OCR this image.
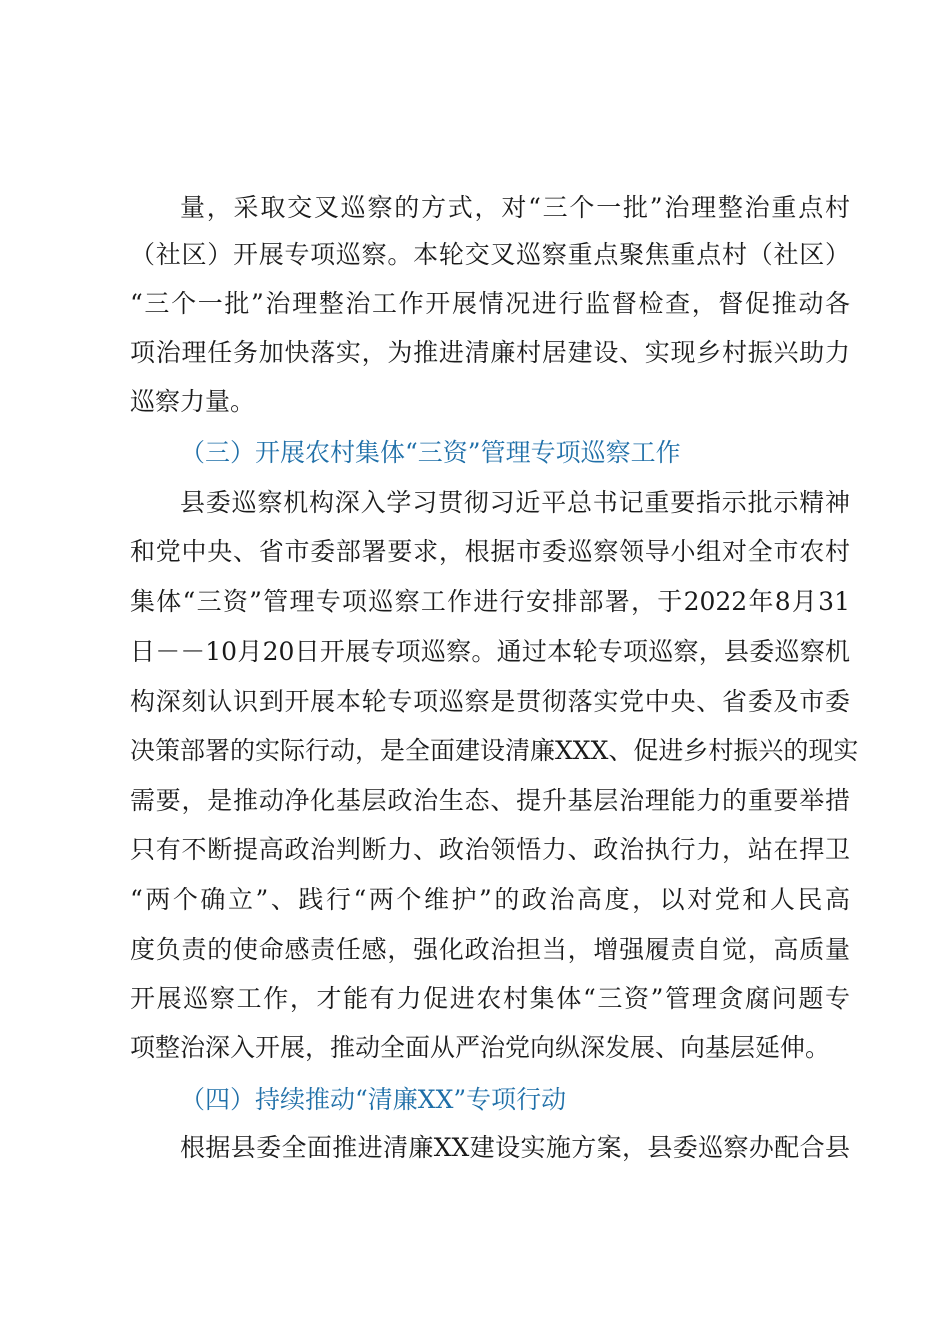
量，采取交叉巡察的方式，对“三个一批”治理整治重点村
（社区）开展专项巡察。本轮交叉巡察重点聚焦重点村（社区）
“三个一批”治理整治工作开展情况进行监督检查，督促推动各
项治理任务加快落实，为推进清廉村居建设、实现乡村振兴助力
巡察力量。
（三）开展农村集体“三资”管理专项巡察工作
县委巡察机构深入学习贯彻习近平总书记重要指示批示精神
和党中央、省市委部署要求，根据市委巡察领导小组对全市农村
集体“三资”管理专项巡察工作进行安排部署，于2022年8月31
日－－10月20日开展专项巡察。通过本轮专项巡察，县委巡察机
构深刻认识到开展本轮专项巡察是贯彻落实党中央、省委及市委
决策部署的实际行动，是全面建设清廉XXX、促进乡村振兴的现实
需要，是推动净化基层政治生态、提升基层治理能力的重要举措
只有不断提高政治判断力、政治领悟力、政治执行力，站在捍卫
“两个确立”、践行“两个维护”的政治高度，以对党和人民高
度负责的使命感责任感，强化政治担当，增强履责自觉，高质量
开展巡察工作，才能有力促进农村集体“三资”管理贪腐问题专
项整治深入开展，推动全面从严治党向纵深发展、向基层延伸。
（四）持续推动“清廉XX”专项行动
根据县委全面推进清廉XX建设实施方案，县委巡察办配合县
